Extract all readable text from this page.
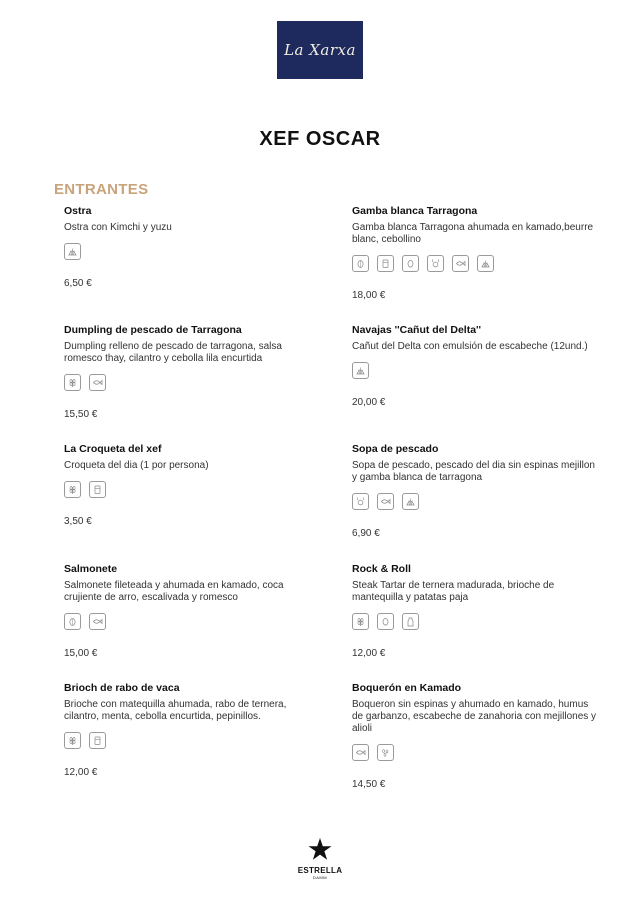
La Xarxa
XEF OSCAR
ENTRANTES
Ostra
Ostra con Kimchi y yuzu
6,50 €
Dumpling de pescado de Tarragona
Dumpling relleno de pescado de tarragona, salsa romesco thay, cilantro y cebolla lila encurtida
15,50 €
La Croqueta del xef
Croqueta del dia (1 por persona)
3,50 €
Salmonete
Salmonete fileteada y ahumada en kamado, coca crujiente de arro, escalivada y romesco
15,00 €
Brioch de rabo de vaca
Brioche con matequilla ahumada, rabo de ternera, cilantro, menta, cebolla encurtida, pepinillos.
12,00 €
Gamba blanca Tarragona
Gamba blanca Tarragona ahumada en kamado,beurre blanc, cebollino
18,00 €
Navajas ''Cañut del Delta''
Cañut del Delta con emulsión de escabeche (12und.)
20,00 €
Sopa de pescado
Sopa de pescado, pescado del dia sin espinas mejillon y gamba blanca de tarragona
6,90 €
Rock & Roll
Steak Tartar de ternera madurada, brioche de mantequilla y patatas paja
12,00 €
Boquerón en Kamado
Boqueron sin espinas y ahumado en kamado, humus de garbanzo, escabeche de zanahoria con mejillones y alioli
14,50 €
ESTRELLA
DAMM
